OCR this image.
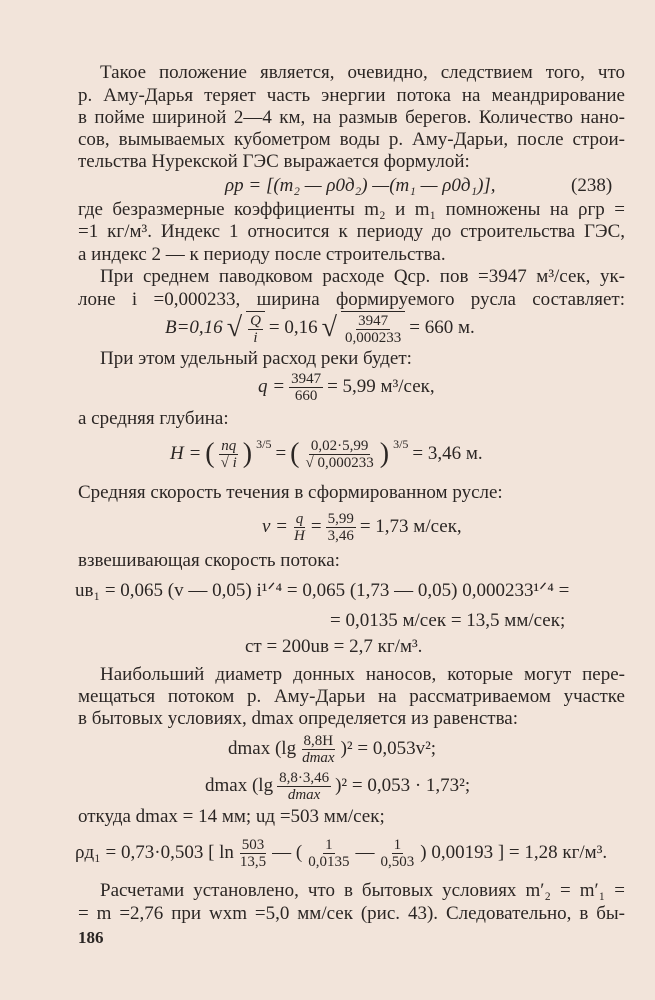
Такое положение является, очевидно, следствием того, что
р. Аму-Дарья теряет часть энергии потока на меандрирование
в пойме шириной 2—4 км, на размыв берегов. Количество нано-
сов, вымываемых кубометром воды р. Аму-Дарьи, после строи-
тельства Нурекской ГЭС выражается формулой:
ρр = [(m₂ — ρ0д₂) —(m₁ — ρ0д₁)],	(238)
где безразмерные коэффициенты m₂ и m₁ помножены на ρгр =
=1 кг/м³. Индекс 1 относится к периоду до строительства ГЭС,
а индекс 2 — к периоду после строительства.
При среднем паводковом расходе Qср. пов =3947 м³/сек, ук-
лоне i =0,000233, ширина формируемого русла составляет:
B=0,16 √ $\frac{Q}{i} = 0,16$ √ $\frac{3947}{0,000233} = 660$ м.
При этом удельный расход реки будет:
$q = \frac{3947}{660} = 5,99$ м³/сек,
а средняя глубина:
H = ( $\frac{nq}{√ i}$ ) $^{3/5}$ = ( $\frac{0,02\cdot 5,99}{√ 0,000233}$ ) $^{3/5}$ = 3,46 м.
Средняя скорость течения в сформированном русле:
$v = \frac{q}{H} = \frac{5,99}{3,46} = 1,73$ м/сек,
взвешивающая скорость потока:
uв₁ = 0,065 (v — 0,05) i¹ᐟ⁴ = 0,065 (1,73 — 0,05) 0,000233¹ᐟ⁴ =
= 0,0135 м/сек = 13,5 мм/сек;
cт = 200uв = 2,7 кг/м³.
Наибольший диаметр донных наносов, которые могут пере-
мещаться потоком р. Аму-Дарьи на рассматриваемом участке
в бытовых условиях, dmax определяется из равенства:
dmax (lg 8,8H
dmax )² = 0,053v²;
dmax (lg 8,8·3,46
dmax )² = 0,053 · 1,73²;
откуда dmax = 14 мм; uд =503 мм/сек;
ρд₁ = 0,73·0,503 [ $\ln \frac{503}{13,5}$ — ( $\frac{1}{0,0135}$ — $\frac{1}{0,503}$ ) 0,00193 ] = 1,28 кг/м³.
Расчетами установлено, что в бытовых условиях m′₂ = m′₁ =
= m =2,76 при wxm =5,0 мм/сек (рис. 43). Следовательно, в бы-
186
